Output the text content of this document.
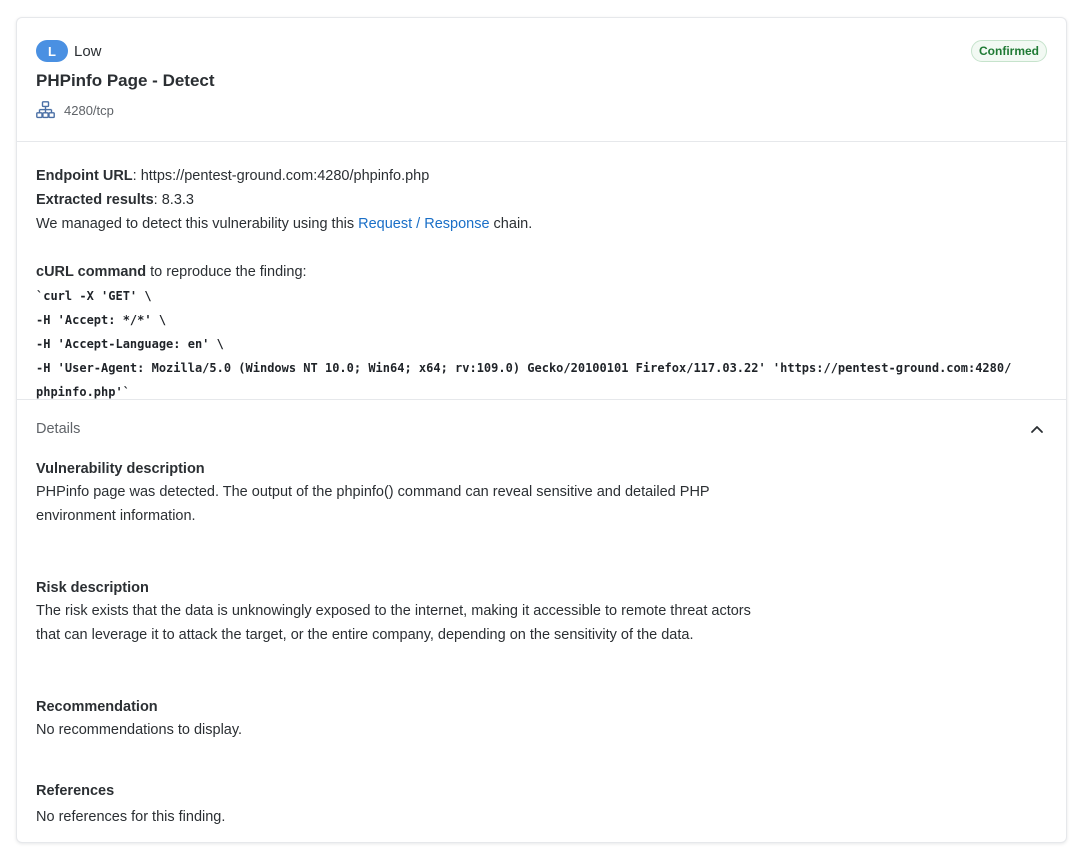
L	Low	Confirmed
PHPinfo Page - Detect
4280/tcp
Endpoint URL: https://pentest-ground.com:4280/phpinfo.php
Extracted results: 8.3.3
We managed to detect this vulnerability using this Request / Response chain.
cURL command to reproduce the finding:
`curl -X 'GET' \
-H 'Accept: */*' \
-H 'Accept-Language: en' \
-H 'User-Agent: Mozilla/5.0 (Windows NT 10.0; Win64; x64; rv:109.0) Gecko/20100101 Firefox/117.03.22' 'https://pentest-ground.com:4280/
phpinfo.php'`
Details
Vulnerability description
PHPinfo page was detected. The output of the phpinfo() command can reveal sensitive and detailed PHP
environment information.
Risk description
The risk exists that the data is unknowingly exposed to the internet, making it accessible to remote threat actors
that can leverage it to attack the target, or the entire company, depending on the sensitivity of the data.
Recommendation
No recommendations to display.
References
No references for this finding.
